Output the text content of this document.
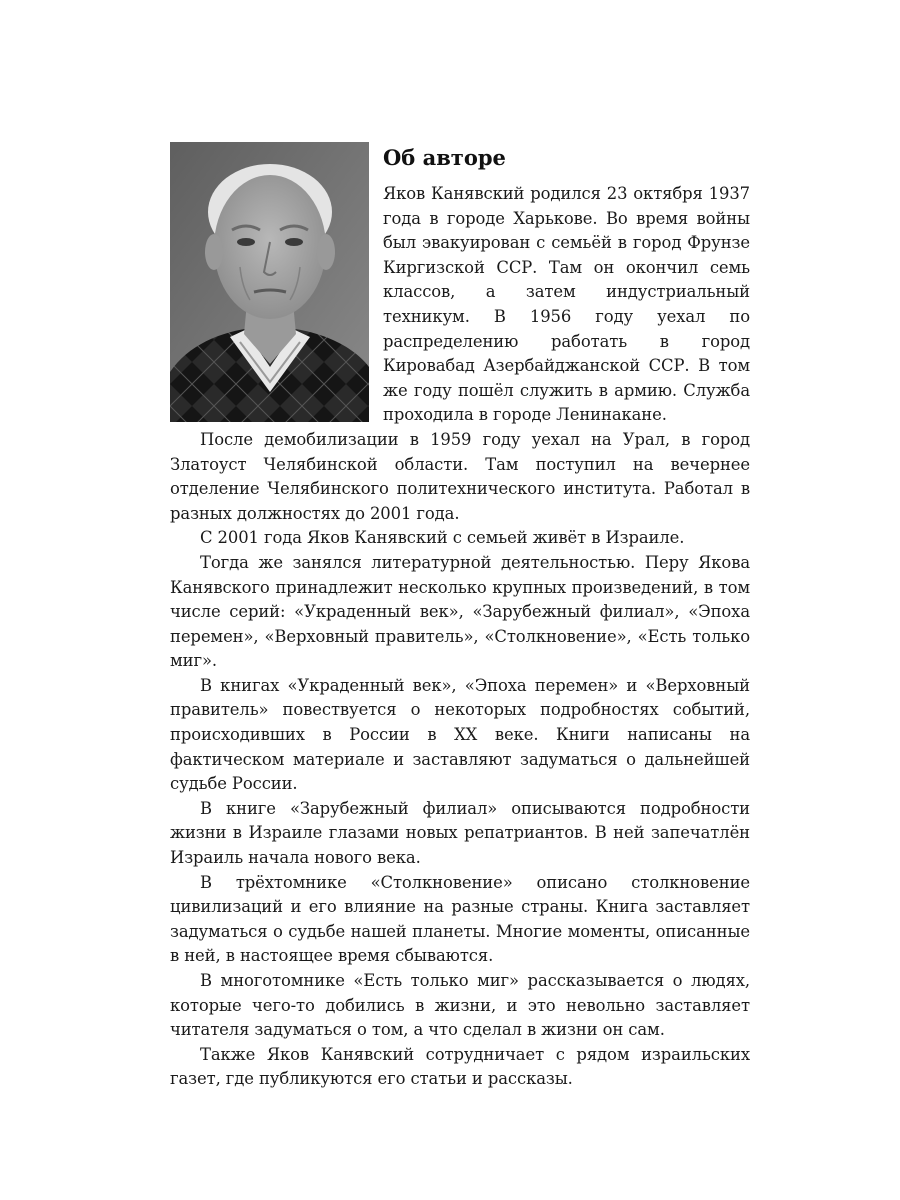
Об авторе

Яков Канявский родился 23 октября 1937 года в городе Харькове. Во время войны был эвакуирован с семьёй в город Фрунзе Киргизской ССР. Там он окончил семь классов, а затем индустриальный техникум. В 1956 году уехал по распределению работать в город Кировабад Азербайджанской ССР. В том же году пошёл служить в армию. Служба проходила в городе Ленинакане.

После демобилизации в 1959 году уехал на Урал, в город Златоуст Челябинской области. Там поступил на вечернее отделение Челябинского политехнического института. Работал в разных должностях до 2001 года.

С 2001 года Яков Канявский с семьей живёт в Израиле.

Тогда же занялся литературной деятельностью. Перу Якова Канявского принадлежит несколько крупных произведений, в том числе серий: «Украденный век», «Зарубежный филиал», «Эпоха перемен», «Верховный правитель», «Столкновение», «Есть только миг».

В книгах «Украденный век», «Эпоха перемен» и «Верховный правитель» повествуется о некоторых подробностях событий, происходивших в России в XX веке. Книги написаны на фактическом материале и заставляют задуматься о дальнейшей судьбе России.

В книге «Зарубежный филиал» описываются подробности жизни в Израиле глазами новых репатриантов. В ней запечатлён Израиль начала нового века.

В трёхтомнике «Столкновение» описано столкновение цивилизаций и его влияние на разные страны. Книга заставляет задуматься о судьбе нашей планеты. Многие моменты, описанные в ней, в настоящее время сбываются.

В многотомнике «Есть только миг» рассказывается о людях, которые чего-то добились в жизни, и это невольно заставляет читателя задуматься о том, а что сделал в жизни он сам.

Также Яков Канявский сотрудничает с рядом израильских газет, где публикуются его статьи и рассказы.
